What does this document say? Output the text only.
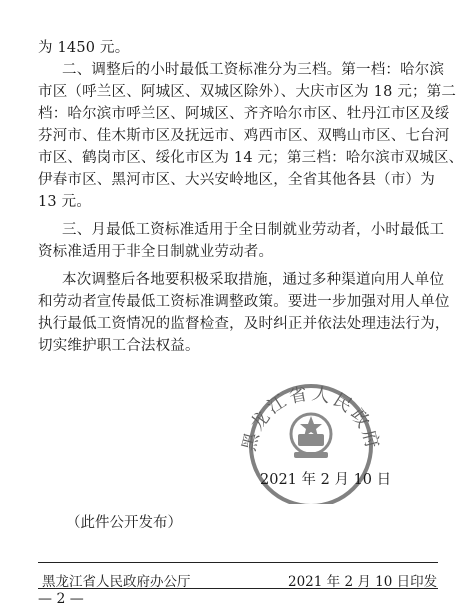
为 1450 元。
二、调整后的小时最低工资标准分为三档。第一档：哈尔滨
市区（呼兰区、阿城区、双城区除外）、大庆市区为 18 元；第二
档：哈尔滨市呼兰区、阿城区、齐齐哈尔市区、牡丹江市区及绥
芬河市、佳木斯市区及抚远市、鸡西市区、双鸭山市区、七台河
市区、鹤岗市区、绥化市区为 14 元；第三档：哈尔滨市双城区、
伊春市区、黑河市区、大兴安岭地区，全省其他各县（市）为
13 元。
三、月最低工资标准适用于全日制就业劳动者，小时最低工
资标准适用于非全日制就业劳动者。
本次调整后各地要积极采取措施，通过多种渠道向用人单位
和劳动者宣传最低工资标准调整政策。要进一步加强对用人单位
执行最低工资情况的监督检查，及时纠正并依法处理违法行为，
切实维护职工合法权益。
黑龙江省人民政府
2021 年 2 月 10 日
（此件公开发布）
黑龙江省人民政府办公厅	2021 年 2 月 10 日印发
— 2 —
